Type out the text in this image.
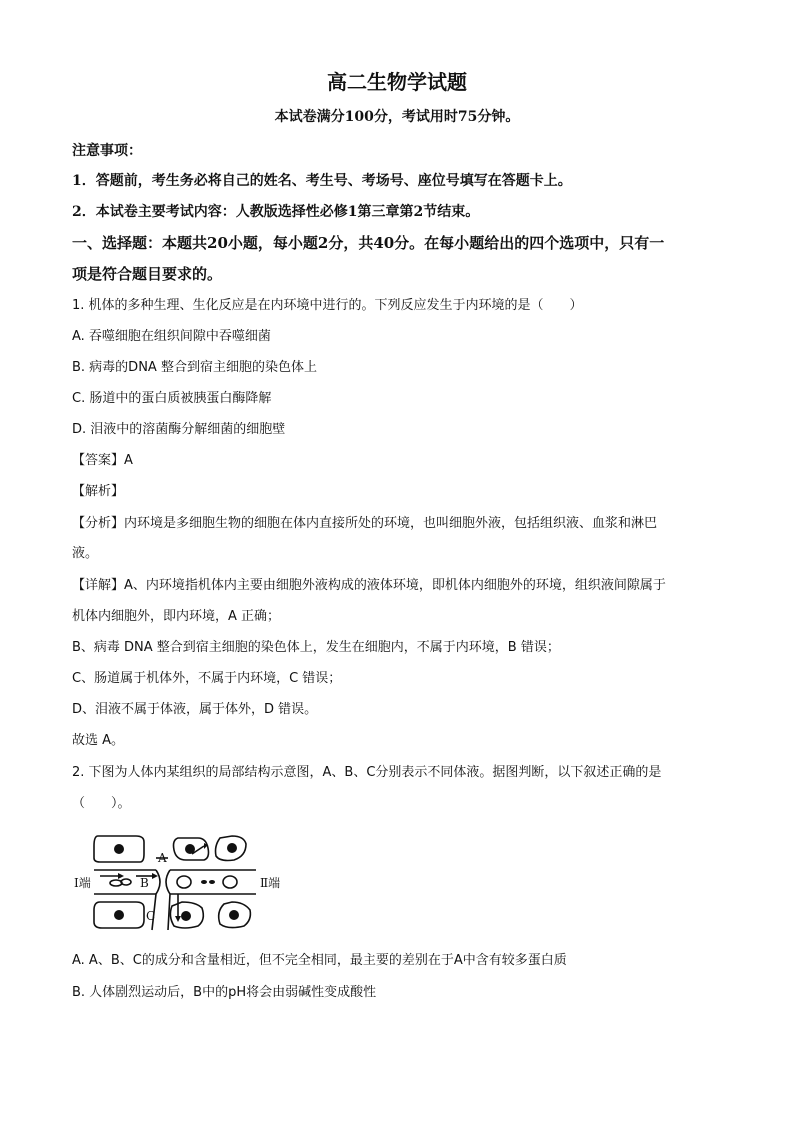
高二生物学试题
本试卷满分100分，考试用时75分钟。
注意事项：
1．答题前，考生务必将自己的姓名、考生号、考场号、座位号填写在答题卡上。
2．本试卷主要考试内容：人教版选择性必修1第三章第2节结束。
一、选择题：本题共20小题，每小题2分，共40分。在每小题给出的四个选项中，只有一
项是符合题目要求的。
1. 机体的多种生理、生化反应是在内环境中进行的。下列反应发生于内环境的是（　　）
A. 吞噬细胞在组织间隙中吞噬细菌
B. 病毒的DNA 整合到宿主细胞的染色体上
C. 肠道中的蛋白质被胰蛋白酶降解
D. 泪液中的溶菌酶分解细菌的细胞壁
【答案】A
【解析】
【分析】内环境是多细胞生物的细胞在体内直接所处的环境，也叫细胞外液，包括组织液、血浆和淋巴
液。
【详解】A、内环境指机体内主要由细胞外液构成的液体环境，即机体内细胞外的环境，组织液间隙属于
机体内细胞外，即内环境，A 正确；
B、病毒 DNA 整合到宿主细胞的染色体上，发生在细胞内，不属于内环境，B 错误；
C、肠道属于机体外，不属于内环境，C 错误；
D、泪液不属于体液，属于体外，D 错误。
故选 A。
2. 下图为人体内某组织的局部结构示意图，A、B、C分别表示不同体液。据图判断，以下叙述正确的是
（　　）。
A
B
C
Ⅰ端	Ⅱ端
A. A、B、C的成分和含量相近，但不完全相同，最主要的差别在于A中含有较多蛋白质
B. 人体剧烈运动后，B中的pH将会由弱碱性变成酸性
